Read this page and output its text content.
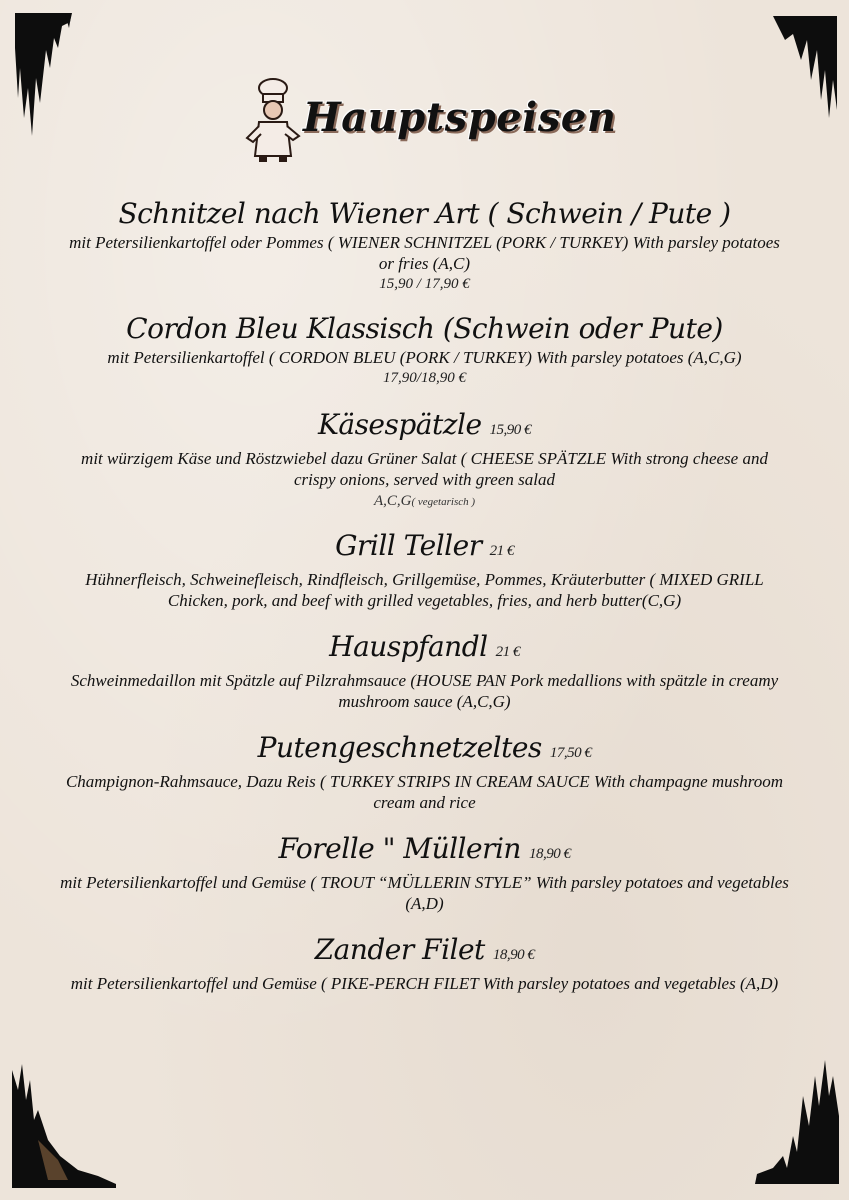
Hauptspeisen
Schnitzel nach Wiener Art ( Schwein / Pute )
mit Petersilienkartoffel oder Pommes ( WIENER SCHNITZEL (PORK / TURKEY) With parsley potatoes or fries (A,C)
15,90 / 17,90 €
Cordon Bleu Klassisch (Schwein oder Pute)
mit Petersilienkartoffel ( CORDON BLEU (PORK / TURKEY) With parsley potatoes (A,C,G)
17,90/18,90 €
Käsespätzle 15,90 €
mit würzigem Käse und Röstzwiebel dazu Grüner Salat ( CHEESE SPÄTZLE With strong cheese and crispy onions, served with green salad
A,C,G( vegetarisch )
Grill Teller 21 €
Hühnerfleisch, Schweinefleisch, Rindfleisch, Grillgemüse, Pommes, Kräuterbutter ( MIXED GRILL Chicken, pork, and beef with grilled vegetables, fries, and herb butter(C,G)
Hauspfandl 21 €
Schweinmedaillon mit Spätzle auf Pilzrahmsauce (HOUSE PAN Pork medallions with spätzle in creamy mushroom sauce (A,C,G)
Putengeschnetzeltes 17,50 €
Champignon-Rahmsauce, Dazu Reis ( TURKEY STRIPS IN CREAM SAUCE With champagne mushroom cream and rice
Forelle " Müllerin 18,90 €
mit Petersilienkartoffel und Gemüse ( TROUT “MÜLLERIN STYLE” With parsley potatoes and vegetables (A,D)
Zander Filet 18,90 €
mit Petersilienkartoffel und Gemüse ( PIKE-PERCH FILET With parsley potatoes and vegetables (A,D)
